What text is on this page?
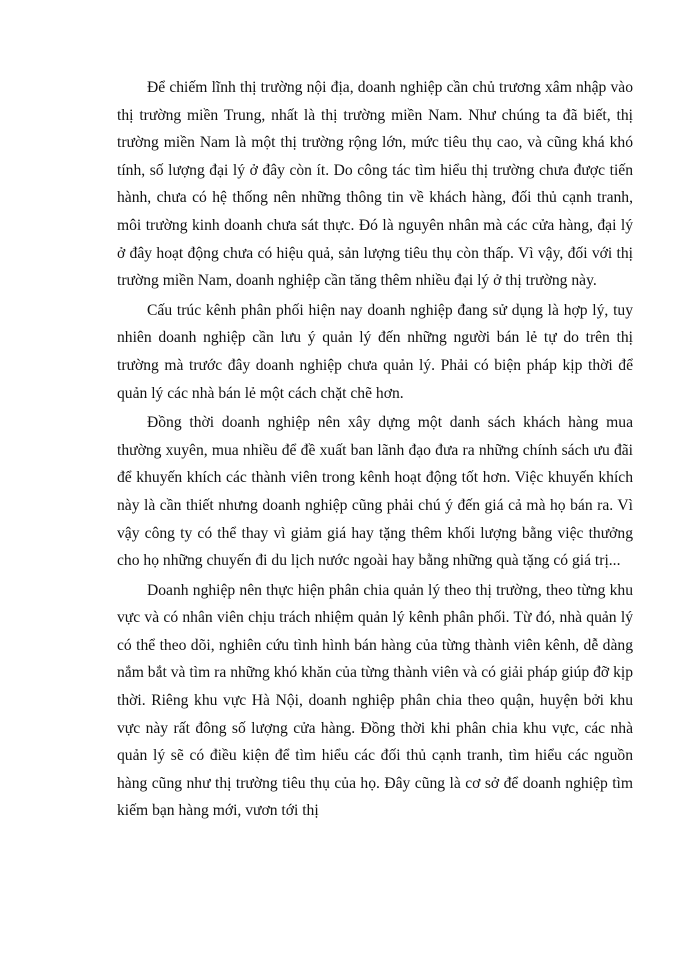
Để chiếm lĩnh thị trường nội địa, doanh nghiệp cần chủ trương xâm nhập vào thị trường miền Trung, nhất là thị trường miền Nam. Như chúng ta đã biết, thị trường miền Nam là một thị trường rộng lớn, mức tiêu thụ cao, và cũng khá khó tính, số lượng đại lý ở đây còn ít. Do công tác tìm hiểu thị trường chưa được tiến hành, chưa có hệ thống nên những thông tin về khách hàng, đối thủ cạnh tranh, môi trường kinh doanh chưa sát thực. Đó là nguyên nhân mà các cửa hàng, đại lý ở đây hoạt động chưa có hiệu quả, sản lượng tiêu thụ còn thấp. Vì vậy, đối với thị trường miền Nam, doanh nghiệp cần tăng thêm nhiều đại lý ở thị trường này.

Cấu trúc kênh phân phối hiện nay doanh nghiệp đang sử dụng là hợp lý, tuy nhiên doanh nghiệp cần lưu ý quản lý đến những người bán lẻ tự do trên thị trường mà trước đây doanh nghiệp chưa quản lý. Phải có biện pháp kịp thời để quản lý các nhà bán lẻ một cách chặt chẽ hơn.

Đồng thời doanh nghiệp nên xây dựng một danh sách khách hàng mua thường xuyên, mua nhiều để đề xuất ban lãnh đạo đưa ra những chính sách ưu đãi để khuyến khích các thành viên trong kênh hoạt động tốt hơn. Việc khuyến khích này là cần thiết nhưng doanh nghiệp cũng phải chú ý đến giá cả mà họ bán ra. Vì vậy công ty có thể thay vì giảm giá hay tặng thêm khối lượng bằng việc thưởng cho họ những chuyến đi du lịch nước ngoài hay bằng những quà tặng có giá trị...

Doanh nghiệp nên thực hiện phân chia quản lý theo thị trường, theo từng khu vực và có nhân viên chịu trách nhiệm quản lý kênh phân phối. Từ đó, nhà quản lý có thể theo dõi, nghiên cứu tình hình bán hàng của từng thành viên kênh, dễ dàng nắm bắt và tìm ra những khó khăn của từng thành viên và có giải pháp giúp đỡ kịp thời. Riêng khu vực Hà Nội, doanh nghiệp phân chia theo quận, huyện bởi khu vực này rất đông số lượng cửa hàng. Đồng thời khi phân chia khu vực, các nhà quản lý sẽ có điều kiện để tìm hiểu các đối thủ cạnh tranh, tìm hiểu các nguồn hàng cũng như thị trường tiêu thụ của họ. Đây cũng là cơ sở để doanh nghiệp tìm kiếm bạn hàng mới, vươn tới thị
